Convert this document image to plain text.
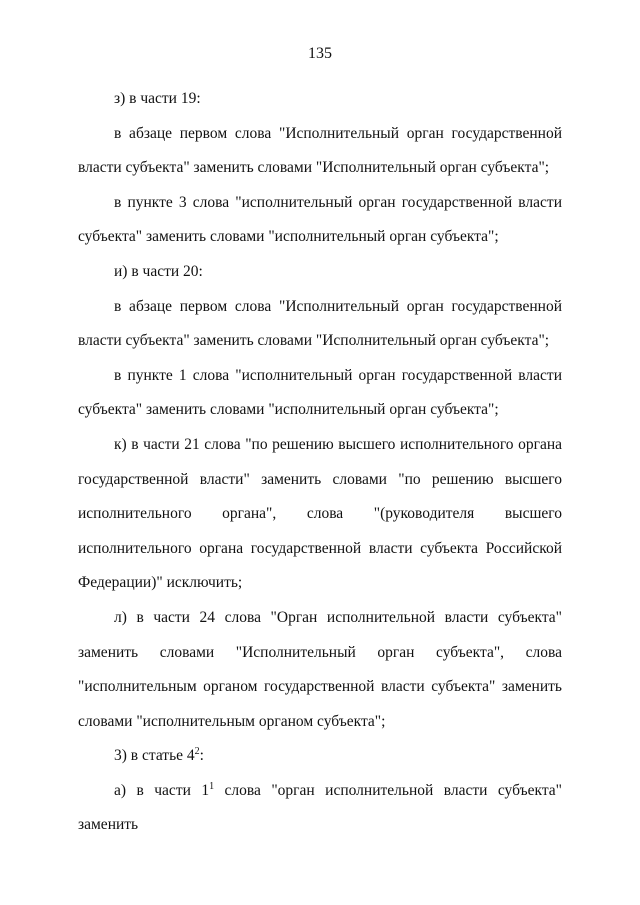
135

з) в части 19:

в абзаце первом слова "Исполнительный орган государственной власти субъекта" заменить словами "Исполнительный орган субъекта";

в пункте 3 слова "исполнительный орган государственной власти субъекта" заменить словами "исполнительный орган субъекта";

и) в части 20:

в абзаце первом слова "Исполнительный орган государственной власти субъекта" заменить словами "Исполнительный орган субъекта";

в пункте 1 слова "исполнительный орган государственной власти субъекта" заменить словами "исполнительный орган субъекта";

к) в части 21 слова "по решению высшего исполнительного органа государственной власти" заменить словами "по решению высшего исполнительного органа", слова "(руководителя высшего исполнительного органа государственной власти субъекта Российской Федерации)" исключить;

л) в части 24 слова "Орган исполнительной власти субъекта" заменить словами "Исполнительный орган субъекта", слова "исполнительным органом государственной власти субъекта" заменить словами "исполнительным органом субъекта";

3) в статье $4^2$:

а) в части $1^1$ слова "орган исполнительной власти субъекта" заменить
